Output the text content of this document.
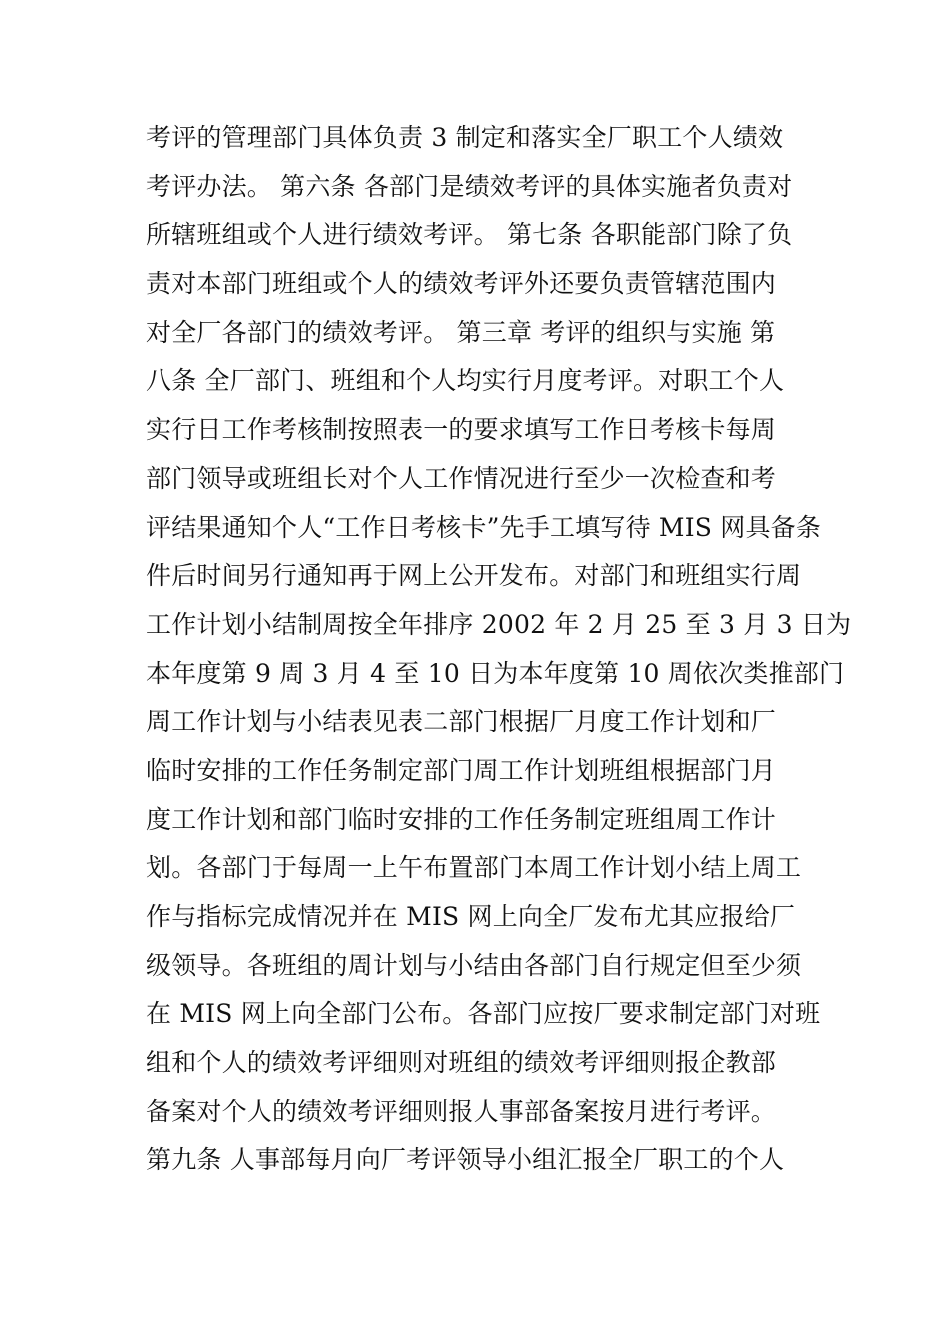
考评的管理部门具体负责 3 制定和落实全厂职工个人绩效
考评办法。 第六条 各部门是绩效考评的具体实施者负责对
所辖班组或个人进行绩效考评。 第七条 各职能部门除了负
责对本部门班组或个人的绩效考评外还要负责管辖范围内
对全厂各部门的绩效考评。 第三章 考评的组织与实施 第
八条 全厂部门、班组和个人均实行月度考评。对职工个人
实行日工作考核制按照表一的要求填写工作日考核卡每周
部门领导或班组长对个人工作情况进行至少一次检查和考
评结果通知个人“工作日考核卡”先手工填写待 MIS 网具备条
件后时间另行通知再于网上公开发布。对部门和班组实行周
工作计划小结制周按全年排序 2002 年 2 月 25 至 3 月 3 日为
本年度第 9 周 3 月 4 至 10 日为本年度第 10 周依次类推部门
周工作计划与小结表见表二部门根据厂月度工作计划和厂
临时安排的工作任务制定部门周工作计划班组根据部门月
度工作计划和部门临时安排的工作任务制定班组周工作计
划。各部门于每周一上午布置部门本周工作计划小结上周工
作与指标完成情况并在 MIS 网上向全厂发布尤其应报给厂
级领导。各班组的周计划与小结由各部门自行规定但至少须
在 MIS 网上向全部门公布。各部门应按厂要求制定部门对班
组和个人的绩效考评细则对班组的绩效考评细则报企教部
备案对个人的绩效考评细则报人事部备案按月进行考评。
第九条 人事部每月向厂考评领导小组汇报全厂职工的个人
